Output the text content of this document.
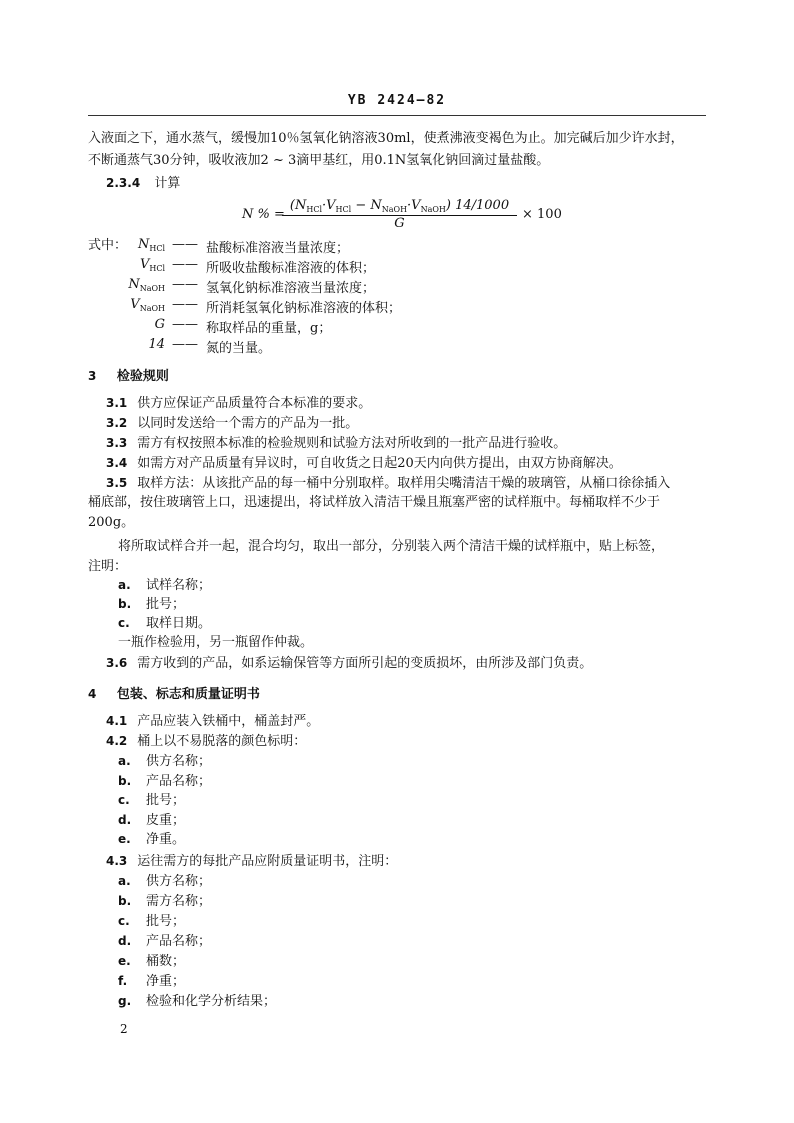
YB 2424—82
入液面之下，通水蒸气，缓慢加10％氢氧化钠溶液30ml，使煮沸液变褐色为止。加完碱后加少许水封，
不断通蒸气30分钟，吸收液加2 ~ 3滴甲基红，用0.1N氢氧化钠回滴过量盐酸。
2.3.4 计算
N % =
$(N_{HCl}\cdot V_{HCl} - N_{NaOH}\cdot V_{NaOH})$ 14/1000
G
× 100
式中： $N_{HCl}$ —— 盐酸标准溶液当量浓度；
$V_{HCl}$ —— 所吸收盐酸标准溶液的体积；
$N_{NaOH}$ —— 氢氧化钠标准溶液当量浓度；
$V_{NaOH}$ —— 所消耗氢氧化钠标准溶液的体积；
G —— 称取样品的重量，g；
14 —— 氮的当量。
3 检验规则
3.1 供方应保证产品质量符合本标准的要求。
3.2 以同时发送给一个需方的产品为一批。
3.3 需方有权按照本标准的检验规则和试验方法对所收到的一批产品进行验收。
3.4 如需方对产品质量有异议时，可自收货之日起20天内向供方提出，由双方协商解决。
3.5 取样方法：从该批产品的每一桶中分别取样。取样用尖嘴清洁干燥的玻璃管，从桶口徐徐插入
桶底部，按住玻璃管上口，迅速提出，将试样放入清洁干燥且瓶塞严密的试样瓶中。每桶取样不少于
200g。
将所取试样合并一起，混合均匀，取出一部分，分别装入两个清洁干燥的试样瓶中，贴上标签，
注明：
a. 试样名称；
b. 批号；
c. 取样日期。
一瓶作检验用，另一瓶留作仲裁。
3.6 需方收到的产品，如系运输保管等方面所引起的变质损坏，由所涉及部门负责。
4 包装、标志和质量证明书
4.1 产品应装入铁桶中，桶盖封严。
4.2 桶上以不易脱落的颜色标明：
a. 供方名称；
b. 产品名称；
c. 批号；
d. 皮重；
e. 净重。
4.3 运往需方的每批产品应附质量证明书，注明：
a. 供方名称；
b. 需方名称；
c. 批号；
d. 产品名称；
e. 桶数；
f. 净重；
g. 检验和化学分析结果；
2
